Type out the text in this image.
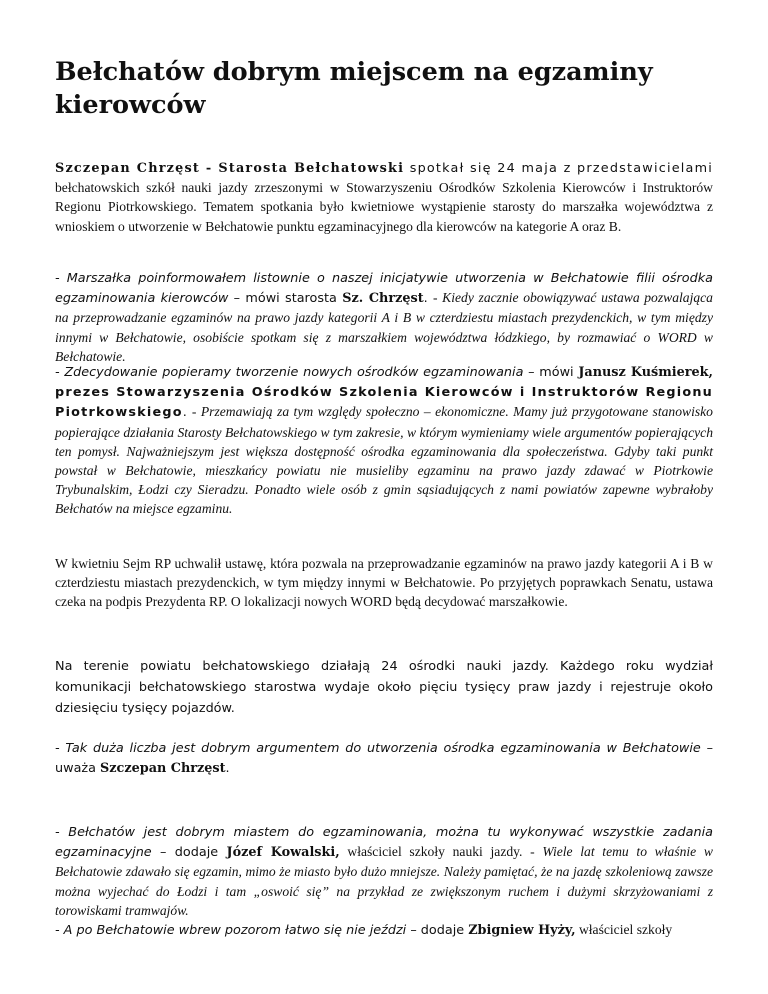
Bełchatów dobrym miejscem na egzaminy kierowców

Szczepan Chrzęst - Starosta Bełchatowski spotkał się 24 maja z przedstawicielami bełchatowskich szkół nauki jazdy zrzeszonymi w Stowarzyszeniu Ośrodków Szkolenia Kierowców i Instruktorów Regionu Piotrkowskiego. Tematem spotkania było kwietniowe wystąpienie starosty do marszałka województwa z wnioskiem o utworzenie w Bełchatowie punktu egzaminacyjnego dla kierowców na kategorie A oraz B.

- Marszałka poinformowałem listownie o naszej inicjatywie utworzenia w Bełchatowie filii ośrodka egzaminowania kierowców – mówi starosta Sz. Chrzęst. - Kiedy zacznie obowiązywać ustawa pozwalająca na przeprowadzanie egzaminów na prawo jazdy kategorii A i B w czterdziestu miastach prezydenckich, w tym między innymi w Bełchatowie, osobiście spotkam się z marszałkiem województwa łódzkiego, by rozmawiać o WORD w Bełchatowie.

- Zdecydowanie popieramy tworzenie nowych ośrodków egzaminowania – mówi Janusz Kuśmierek, prezes Stowarzyszenia Ośrodków Szkolenia Kierowców i Instruktorów Regionu Piotrkowskiego. - Przemawiają za tym względy społeczno – ekonomiczne. Mamy już przygotowane stanowisko popierające działania Starosty Bełchatowskiego w tym zakresie, w którym wymieniamy wiele argumentów popierających ten pomysł. Najważniejszym jest większa dostępność ośrodka egzaminowania dla społeczeństwa. Gdyby taki punkt powstał w Bełchatowie, mieszkańcy powiatu nie musieliby egzaminu na prawo jazdy zdawać w Piotrkowie Trybunalskim, Łodzi czy Sieradzu. Ponadto wiele osób z gmin sąsiadujących z nami powiatów zapewne wybrałoby Bełchatów na miejsce egzaminu.

W kwietniu Sejm RP uchwalił ustawę, która pozwala na przeprowadzanie egzaminów na prawo jazdy kategorii A i B w czterdziestu miastach prezydenckich, w tym między innymi w Bełchatowie. Po przyjętych poprawkach Senatu, ustawa czeka na podpis Prezydenta RP. O lokalizacji nowych WORD będą decydować marszałkowie.

Na terenie powiatu bełchatowskiego działają 24 ośrodki nauki jazdy. Każdego roku wydział komunikacji bełchatowskiego starostwa wydaje około pięciu tysięcy praw jazdy i rejestruje około dziesięciu tysięcy pojazdów.

- Tak duża liczba jest dobrym argumentem do utworzenia ośrodka egzaminowania w Bełchatowie – uważa Szczepan Chrzęst.

- Bełchatów jest dobrym miastem do egzaminowania, można tu wykonywać wszystkie zadania egzaminacyjne – dodaje Józef Kowalski, właściciel szkoły nauki jazdy. - Wiele lat temu to właśnie w Bełchatowie zdawało się egzamin, mimo że miasto było dużo mniejsze. Należy pamiętać, że na jazdę szkoleniową zawsze można wyjechać do Łodzi i tam „oswoić się” na przykład ze zwiększonym ruchem i dużymi skrzyżowaniami z torowiskami tramwajów.

- A po Bełchatowie wbrew pozorom łatwo się nie jeździ – dodaje Zbigniew Hyży, właściciel szkoły
